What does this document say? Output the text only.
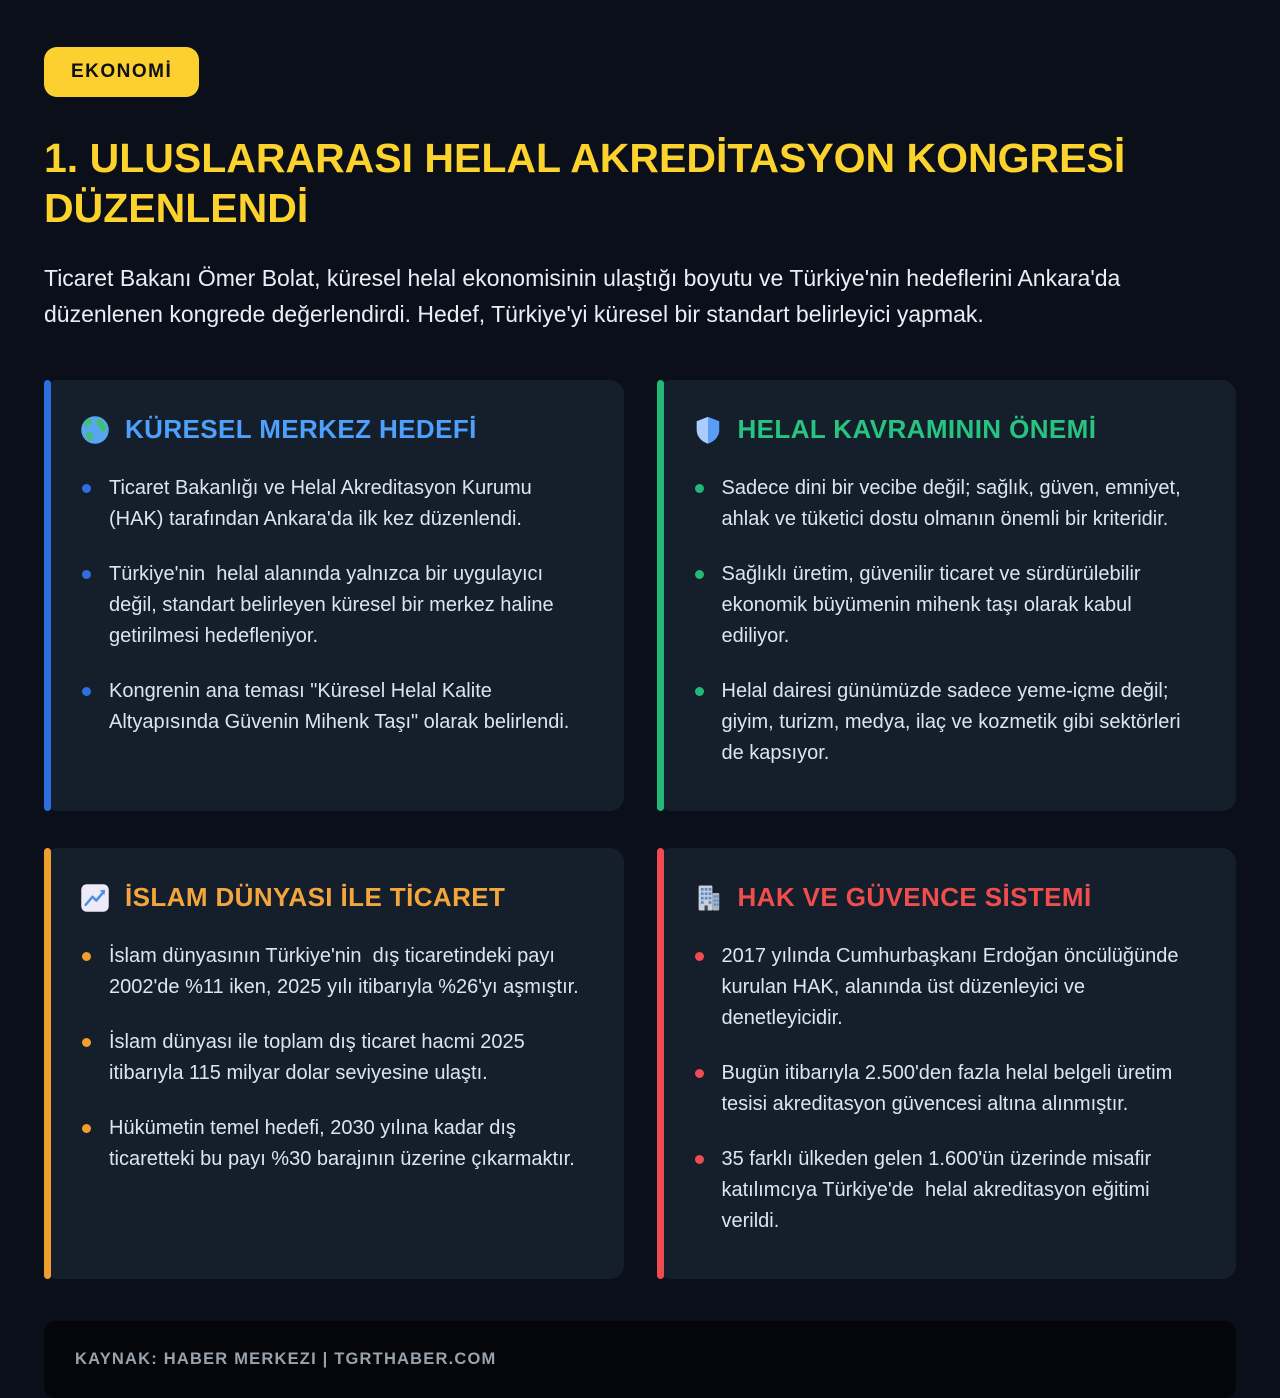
EKONOMİ
1. ULUSLARARASI HELAL AKREDİTASYON KONGRESİ DÜZENLENDİ

Ticaret Bakanı Ömer Bolat, küresel helal ekonomisinin ulaştığı boyutu ve Türkiye'nin hedeflerini Ankara'da düzenlenen kongrede değerlendirdi. Hedef, Türkiye'yi küresel bir standart belirleyici yapmak.

KÜRESEL MERKEZ HEDEFİ
Ticaret Bakanlığı ve Helal Akreditasyon Kurumu (HAK) tarafından Ankara'da ilk kez düzenlendi.
Türkiye'nin  helal alanında yalnızca bir uygulayıcı değil, standart belirleyen küresel bir merkez haline getirilmesi hedefleniyor.
Kongrenin ana teması "Küresel Helal Kalite Altyapısında Güvenin Mihenk Taşı" olarak belirlendi.
HELAL KAVRAMININ ÖNEMİ
Sadece dini bir vecibe değil; sağlık, güven, emniyet, ahlak ve tüketici dostu olmanın önemli bir kriteridir.
Sağlıklı üretim, güvenilir ticaret ve sürdürülebilir ekonomik büyümenin mihenk taşı olarak kabul ediliyor.
Helal dairesi günümüzde sadece yeme-içme değil; giyim, turizm, medya, ilaç ve kozmetik gibi sektörleri de kapsıyor.
İSLAM DÜNYASI İLE TİCARET
İslam dünyasının Türkiye'nin  dış ticaretindeki payı 2002'de %11 iken, 2025 yılı itibarıyla %26'yı aşmıştır.
İslam dünyası ile toplam dış ticaret hacmi 2025 itibarıyla 115 milyar dolar seviyesine ulaştı.
Hükümetin temel hedefi, 2030 yılına kadar dış ticaretteki bu payı %30 barajının üzerine çıkarmaktır.
HAK VE GÜVENCE SİSTEMİ
2017 yılında Cumhurbaşkanı Erdoğan öncülüğünde kurulan HAK, alanında üst düzenleyici ve denetleyicidir.
Bugün itibarıyla 2.500'den fazla helal belgeli üretim tesisi akreditasyon güvencesi altına alınmıştır.
35 farklı ülkeden gelen 1.600'ün üzerinde misafir katılımcıya Türkiye'de  helal akreditasyon eğitimi verildi.
KAYNAK: HABER MERKEZI | TGRTHABER.COM
